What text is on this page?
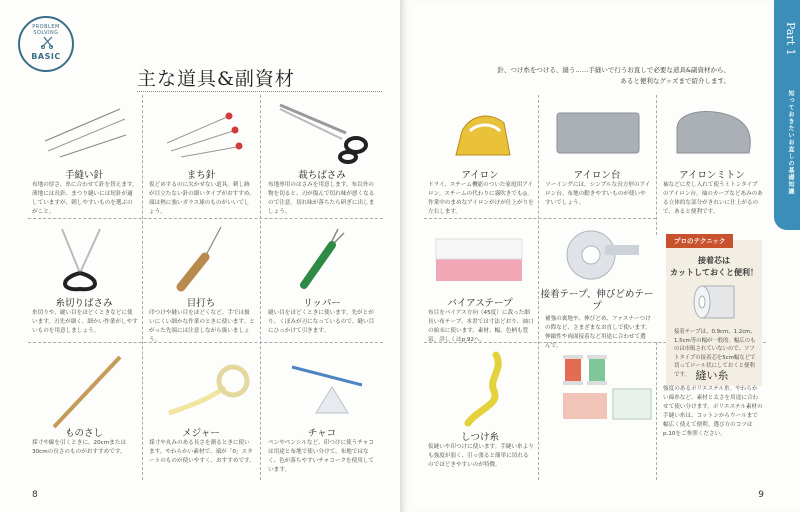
PROBLEM SOLVING
BASIC
主な道具&副資材
手縫い針
布地の厚さ、糸に合わせて針を替えます。薄地には長針、まつり縫いには短針が適していますが、刺しやすいものを選ぶのがこと。
まち針
仮どめするのに欠かせない道具。刺し跡が目立たない針の細いタイプがおすすめ。頭は熱に強いガラス球のものがいいでしょう。
裁ちばさみ
布地専用のはさみを用意します。布以外の物を切ると、刃が傷んで切れ味が悪くなるので注意。切れ味が落ちたら研ぎに出しましょう。
糸切りばさみ
糸切りや、縫い目をほどくときなどに使います。刃先が細く、細かい作業がしやすいものを用意しましょう。
目打ち
印つけや縫い目をほどくなど、手では扱いにくい細かな作業のときに使います。とがった先端には注意しながら扱いましょう。
リッパー
縫い目をほどくときに使います。先がとがり、くぼみが刃になっているので、縫い目にひっかけて引きます。
ものさし
採寸や線を引くときに。20cmまたは30cmの長さのものがおすすめです。
メジャー
採寸や丸みのある長さを測るときに使います。やわらかい素材で、端が「0」スタートのものが使いやすく、おすすめです。
チャコ
ペンやペンシルなど、印つけに使うチャコは用途と布地で使い分けて。布地ではなく、色が落ちやすいチャコークを使用しています。
8
Part 1
知っておきたいお直しの基礎知識
9
針、つけ糸をつける、縫う……手縫いで行うお直しで必要な道具&副資材から、
あると便利なグッズまで紹介します。
アイロン
ドライ、スチーム機能のついた家庭用アイロン。スチームの代わりに霧吹きでも◎。作業中のまめなアイロンがけが仕上がりを左右します。
アイロン台
ソーイングには、シンプルな長方形のアイロン台。布地の動きやすいものが使いやすいでしょう。
アイロンミトン
袖などに差し入れて使うミトンタイプのアイロン台。袖のカーブなどあみのある立体的な部分がきれいに仕上がるので、あると便利です。
バイアステープ
布目をバイアス方向（45度）に裁った細長い布テープ。本書では寸法どおり、袖口の始末に使います。素材、幅、色柄も豊富。詳しくはp.92へ。
接着テープ、伸びどめテープ
補強の裏地や、伸びどめ、ファスナーつけの際など、さまざまなお直しで使います。伸縮性や両面接着など用途に合わせて選んで。
プロのテクニック
接着芯は
カットしておくと便利！
接着テープは、0.9cm、1.2cm、1.5cm等の幅が一般的。幅広のものは市販されていないので、ソフトタイプの接着芯を5cm幅などで切ってロール状にしておくと便利です。
しつけ糸
仮縫いや印つけに使います。手縫い糸よりも強度が弱く、引っ張ると簡単に切れるのでほどきやすいのが特徴。
縫い糸
強度のあるポリエステル糸。やわらかい綿糸など、素材と太さを用途に合わせて使い分けます。ポリエステル素材の手縫い糸は、コットンからウールまで幅広く使えて便利。選び方のコツはp.10をご参照ください。
